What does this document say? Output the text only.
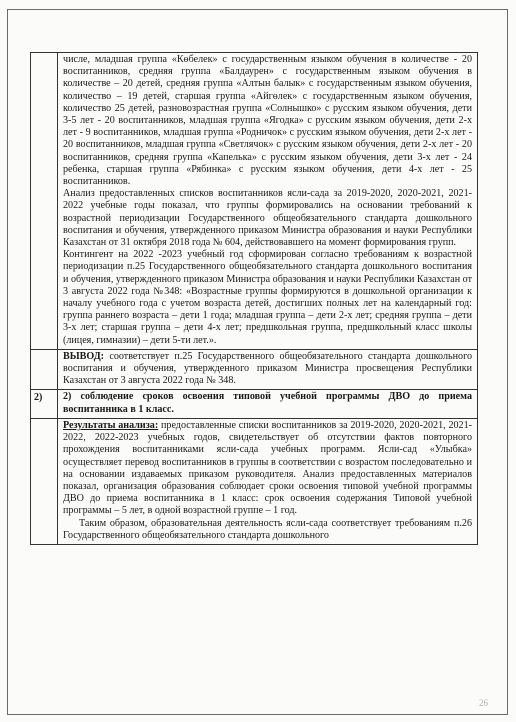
числе, младшая группа «Көбелек» с государственным языком обучения в количестве - 20 воспитанников, средняя группа «Балдаурен» с государственным языком обучения в количестве – 20 детей, средняя группа «Алтын балык» с государственным языком обучения, количество – 19 детей, старшая группа «Айгөлек» с государственным языком обучения, количество 25 детей, разновозрастная группа «Солнышко» с русским языком обучения, дети 3-5 лет - 20 воспитанников, младшая группа «Ягодка» с русским языком обучения, дети 2-х лет - 9 воспитанников, младшая группа «Родничок» с русским языком обучения, дети 2-х лет - 20 воспитанников, младшая группа «Светлячок» с русским языком обучения, дети 2-х лет - 20 воспитанников, средняя группа «Капелька» с русским языком обучения, дети 3-х лет - 24 ребенка, старшая группа «Рябинка» с русским языком обучения, дети 4-х лет - 25 воспитанников.

Анализ предоставленных списков воспитанников ясли-сада за 2019-2020, 2020-2021, 2021-2022 учебные годы показал, что группы формировались на основании требований к возрастной периодизации Государственного общеобязательного стандарта дошкольного воспитания и обучения, утвержденного приказом Министра образования и науки Республики Казахстан от 31 октября 2018 года № 604, действовавшего на момент формирования групп.

Контингент на 2022 -2023 учебный год сформирован согласно требованиям к возрастной периодизации п.25 Государственного общеобязательного стандарта дошкольного воспитания и обучения, утвержденного приказом Министра образования и науки Республики Казахстан от 3 августа 2022 года №348: «Возрастные группы формируются в дошкольной организации к началу учебного года с учетом возраста детей, достигших полных лет на календарный год: группа раннего возраста – дети 1 года; младшая группа – дети 2-х лет; средняя группа – дети 3-х лет; старшая группа – дети 4-х лет; предшкольная группа, предшкольный класс школы (лицея, гимназии) – дети 5-ти лет.».

ВЫВОД: соответствует п.25 Государственного общеобязательного стандарта дошкольного воспитания и обучения, утвержденного приказом Министра просвещения Республики Казахстан от 3 августа 2022 года № 348.

2)	2) соблюдение сроков освоения типовой учебной программы ДВО до приема воспитанника в 1 класс.

Результаты анализа: предоставленные списки воспитанников за 2019-2020, 2020-2021, 2021-2022, 2022-2023 учебных годов, свидетельствует об отсутствии фактов повторного прохождения воспитанниками ясли-сада учебных программ. Ясли-сад «Улыбка» осуществляет перевод воспитанников в группы в соответствии с возрастом последовательно и на основании издаваемых приказом руководителя. Анализ предоставленных материалов показал, организация образования соблюдает сроки освоения типовой учебной программы ДВО до приема воспитанника в 1 класс: срок освоения содержания Типовой учебной программы – 5 лет, в одной возрастной группе – 1 год.

Таким образом, образовательная деятельность ясли-сада соответствует требованиям п.26 Государственного общеобязательного стандарта дошкольного

26
